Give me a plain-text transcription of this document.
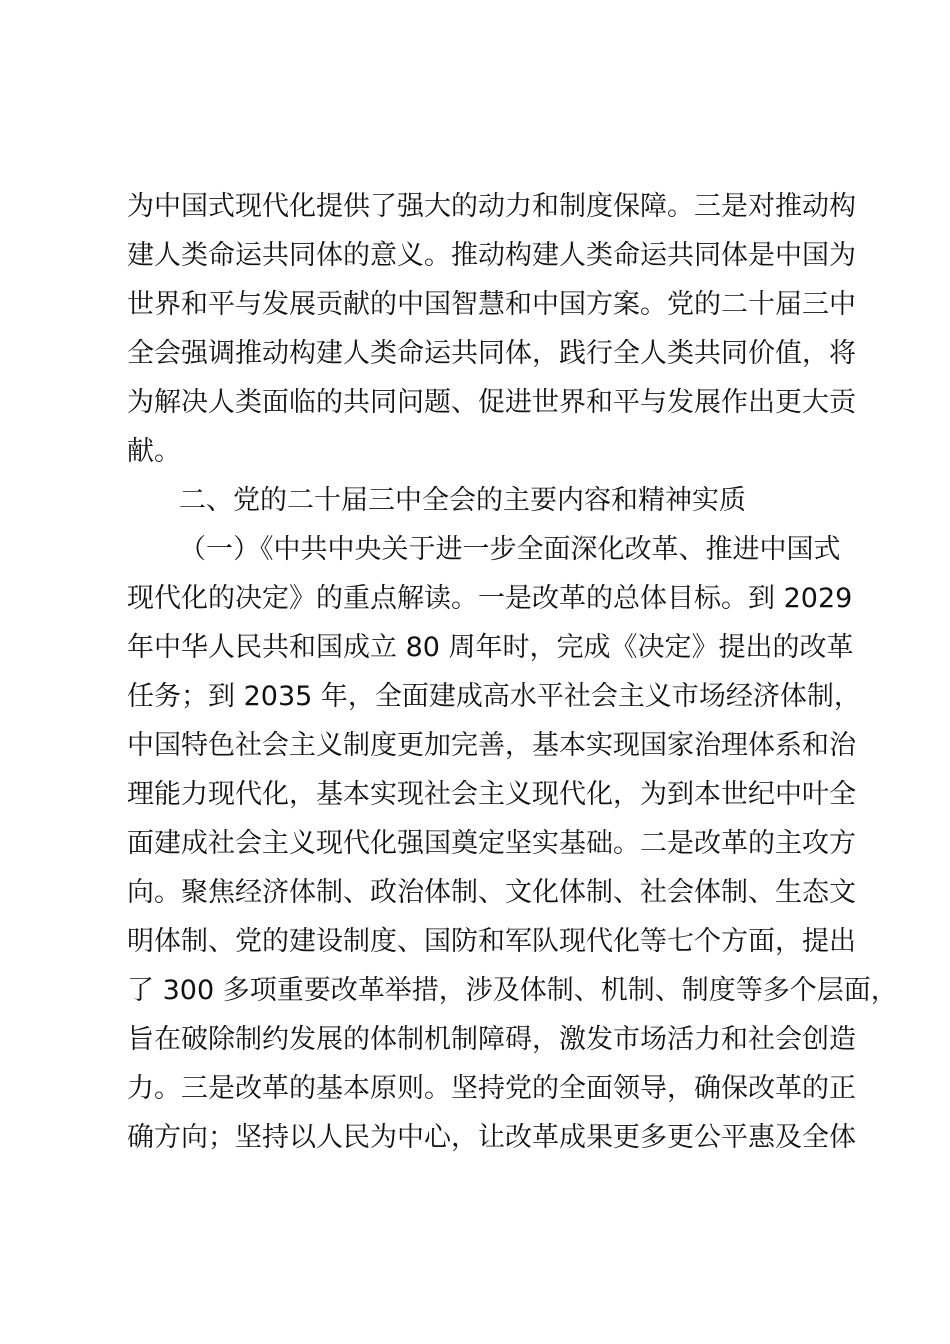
为中国式现代化提供了强大的动力和制度保障。三是对推动构
建人类命运共同体的意义。推动构建人类命运共同体是中国为
世界和平与发展贡献的中国智慧和中国方案。党的二十届三中
全会强调推动构建人类命运共同体，践行全人类共同价值，将
为解决人类面临的共同问题、促进世界和平与发展作出更大贡
献。
二、党的二十届三中全会的主要内容和精神实质
（一）《中共中央关于进一步全面深化改革、推进中国式
现代化的决定》的重点解读。一是改革的总体目标。到 2029
年中华人民共和国成立 80 周年时，完成《决定》提出的改革
任务；到 2035 年，全面建成高水平社会主义市场经济体制，
中国特色社会主义制度更加完善，基本实现国家治理体系和治
理能力现代化，基本实现社会主义现代化，为到本世纪中叶全
面建成社会主义现代化强国奠定坚实基础。二是改革的主攻方
向。聚焦经济体制、政治体制、文化体制、社会体制、生态文
明体制、党的建设制度、国防和军队现代化等七个方面，提出
了 300 多项重要改革举措，涉及体制、机制、制度等多个层面，
旨在破除制约发展的体制机制障碍，激发市场活力和社会创造
力。三是改革的基本原则。坚持党的全面领导，确保改革的正
确方向；坚持以人民为中心，让改革成果更多更公平惠及全体
